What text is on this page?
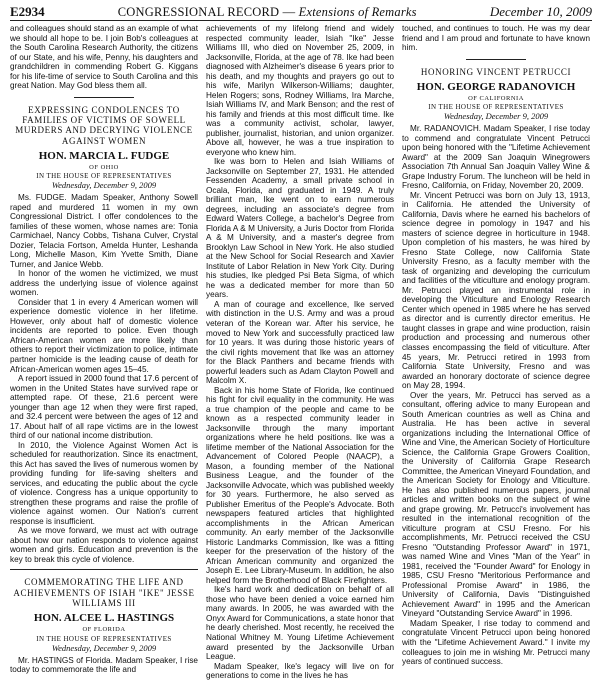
E2934	CONGRESSIONAL RECORD — Extensions of Remarks	December 10, 2009

and colleagues should stand as an example of what we should all hope to be. I join Bob's colleagues at the South Carolina Research Authority, the citizens of our State, and his wife, Penny, his daughters and grandchildren in commending Robert G. Kiggans for his life-time of service to South Carolina and this great Nation. May God bless them all.

EXPRESSING CONDOLENCES TO FAMILIES OF VICTIMS OF SOWELL MURDERS AND DECRYING VIOLENCE AGAINST WOMEN
HON. MARCIA L. FUDGE
OF OHIO
IN THE HOUSE OF REPRESENTATIVES
Wednesday, December 9, 2009

Ms. FUDGE. Madam Speaker, Anthony Sowell raped and murdered 11 women in my own Congressional District. I offer condolences to the families of these women, whose names are: Tonia Carmichael, Nancy Cobbs, Tishana Culver, Crystal Dozier, Telacia Fortson, Amelda Hunter, Leshanda Long, Michelle Mason, Kim Yvette Smith, Diane Turner, and Janice Webb.

In honor of the women he victimized, we must address the underlying issue of violence against women.

Consider that 1 in every 4 American women will experience domestic violence in her lifetime. However, only about half of domestic violence incidents are reported to police. Even though African-American women are more likely than others to report their victimization to police, intimate partner homicide is the leading cause of death for African-American women ages 15–45.

A report issued in 2000 found that 17.6 percent of women in the United States have survived rape or attempted rape. Of these, 21.6 percent were younger than age 12 when they were first raped, and 32.4 percent were between the ages of 12 and 17. About half of all rape victims are in the lowest third of our national income distribution.

In 2010, the Violence Against Women Act is scheduled for reauthorization. Since its enactment, this Act has saved the lives of numerous women by providing funding for life-saving shelters and services, and educating the public about the cycle of violence. Congress has a unique opportunity to strengthen these programs and raise the profile of violence against women. Our Nation's current response is insufficient.

As we move forward, we must act with outrage about how our nation responds to violence against women and girls. Education and prevention is the key to break this cycle of violence.

COMMEMORATING THE LIFE AND ACHIEVEMENTS OF ISIAH "IKE" JESSE WILLIAMS III
HON. ALCEE L. HASTINGS
OF FLORIDA
IN THE HOUSE OF REPRESENTATIVES
Wednesday, December 9, 2009

Mr. HASTINGS of Florida. Madam Speaker, I rise today to commemorate the life and

achievements of my lifelong friend and widely respected community leader, Isiah "Ike" Jesse Williams III, who died on November 25, 2009, in Jacksonville, Florida, at the age of 78. Ike had been diagnosed with Alzheimer's disease 6 years prior to his death, and my thoughts and prayers go out to his wife, Marilyn Wilkerson-Williams; daughter, Helen Rogers; sons, Rodney Williams, Ira Marche, Isiah Williams IV, and Mark Benson; and the rest of his family and friends at this most difficult time. Ike was a community activist, scholar, lawyer, publisher, journalist, historian, and union organizer. Above all, however, he was a true inspiration to everyone who knew him.

Ike was born to Helen and Isiah Williams of Jacksonville on September 27, 1931. He attended Fessenden Academy, a small private school in Ocala, Florida, and graduated in 1949. A truly brilliant man, Ike went on to earn numerous degrees, including an associate's degree from Edward Waters College, a bachelor's Degree from Florida A & M University, a Juris Doctor from Florida A & M University, and a master's degree from Brooklyn Law School in New York. He also studied at the New School for Social Research and Xavier Institute of Labor Relation in New York City. During his studies, Ike pledged Psi Beta Sigma, of which he was a dedicated member for more than 50 years.

A man of courage and excellence, Ike served with distinction in the U.S. Army and was a proud veteran of the Korean war. After his service, he moved to New York and successfully practiced law for 10 years. It was during those historic years of the civil rights movement that Ike was an attorney for the Black Panthers and became friends with powerful leaders such as Adam Clayton Powell and Malcolm X.

Back in his home State of Florida, Ike continued his fight for civil equality in the community. He was a true champion of the people and came to be known as a respected community leader in Jacksonville through the many important organizations where he held positions. Ike was a lifetime member of the National Association for the Advancement of Colored People (NAACP), a Mason, a founding member of the National Business League, and the founder of the Jacksonville Advocate, which was published weekly for 30 years. Furthermore, he also served as Publisher Emeritus of the People's Advocate. Both newspapers featured articles that highlighted accomplishments in the African American community. An early member of the Jacksonville Historic Landmarks Commission, Ike was a fitting keeper for the preservation of the history of the African American community and organized the Joseph E. Lee Library-Museum. In addition, he also helped form the Brotherhood of Black Firefighters.

Ike's hard work and dedication on behalf of all those who have been denied a voice earned him many awards. In 2005, he was awarded with the Onyx Award for Communications, a state honor that he dearly cherished. Most recently, he received the National Whitney M. Young Lifetime Achievement award presented by the Jacksonville Urban League.

Madam Speaker, Ike's legacy will live on for generations to come in the lives he has

touched, and continues to touch. He was my dear friend and I am proud and fortunate to have known him.

HONORING VINCENT PETRUCCI
HON. GEORGE RADANOVICH
OF CALIFORNIA
IN THE HOUSE OF REPRESENTATIVES
Wednesday, December 9, 2009

Mr. RADANOVICH. Madam Speaker, I rise today to commend and congratulate Vincent Petrucci upon being honored with the "Lifetime Achievement Award" at the 2009 San Joaquin Winegrowers Association 7th Annual San Joaquin Valley Wine & Grape Industry Forum. The luncheon will be held in Fresno, California, on Friday, November 20, 2009.

Mr. Vincent Petrucci was born on July 13, 1913, in California. He attended the University of California, Davis where he earned his bachelors of science degree in pomology in 1947 and his masters of science degree in horticulture in 1948. Upon completion of his masters, he was hired by Fresno State College, now California State University Fresno, as a faculty member with the task of organizing and developing the curriculum and facilities of the viticulture and enology program. Mr. Petrucci played an instrumental role in developing the Viticulture and Enology Research Center which opened in 1985 where he has served as director and is currently director emeritus. He taught classes in grape and wine production, raisin production and processing and numerous other classes encompassing the field of viticulture. After 45 years, Mr. Petrucci retired in 1993 from California State University, Fresno and was awarded an honorary doctorate of science degree on May 28, 1994.

Over the years, Mr. Petrucci has served as a consultant, offering advice to many European and South American countries as well as China and Australia. He has been active in several organizations including the International Office of Wine and Vine, the American Society of Horticulture Science, the California Grape Growers Coalition, the University of California Grape Research Committee, the American Vineyard Foundation, and the American Society for Enology and Viticulture. He has also published numerous papers, journal articles and written books on the subject of wine and grape growing. Mr. Petrucci's involvement has resulted in the international recognition of the viticulture program at CSU Fresno. For his accomplishments, Mr. Petrucci received the CSU Fresno "Outstanding Professor Award" in 1971, was named Wine and Vines "Man of the Year" in 1981, received the "Founder Award" for Enology in 1985, CSU Fresno "Meritorious Performance and Professional Promise Award" in 1986, the University of California, Davis "Distinguished Achievement Award" in 1995 and the American Vineyard "Outstanding Service Award" in 1996.

Madam Speaker, I rise today to commend and congratulate Vincent Petrucci upon being honored with the "Lifetime Achievement Award." I invite my colleagues to join me in wishing Mr. Petrucci many years of continued success.
